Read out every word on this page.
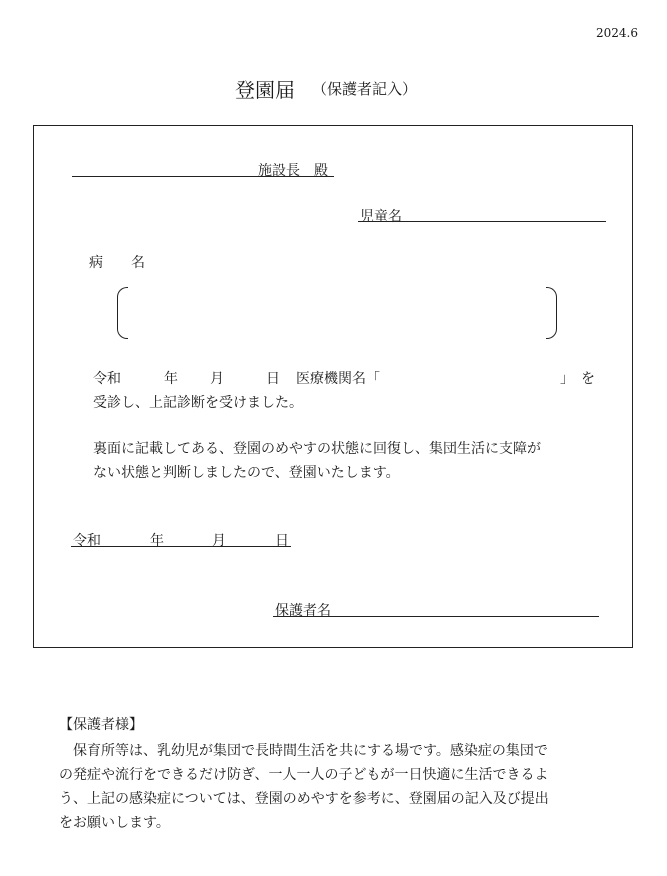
2024.6
登園届 （保護者記入）
施設長　殿
児童名
病　　名
令和	年 月	日 医療機関名「	」 を
受診し、上記診断を受けました。
裏面に記載してある、登園のめやすの状態に回復し、集団生活に支障が
ない状態と判断しましたので、登園いたします。
令和	年	月	日
保護者名
【保護者様】
保育所等は、乳幼児が集団で長時間生活を共にする場です。感染症の集団で
の発症や流行をできるだけ防ぎ、一人一人の子どもが一日快適に生活できるよ
う、上記の感染症については、登園のめやすを参考に、登園届の記入及び提出
をお願いします。
